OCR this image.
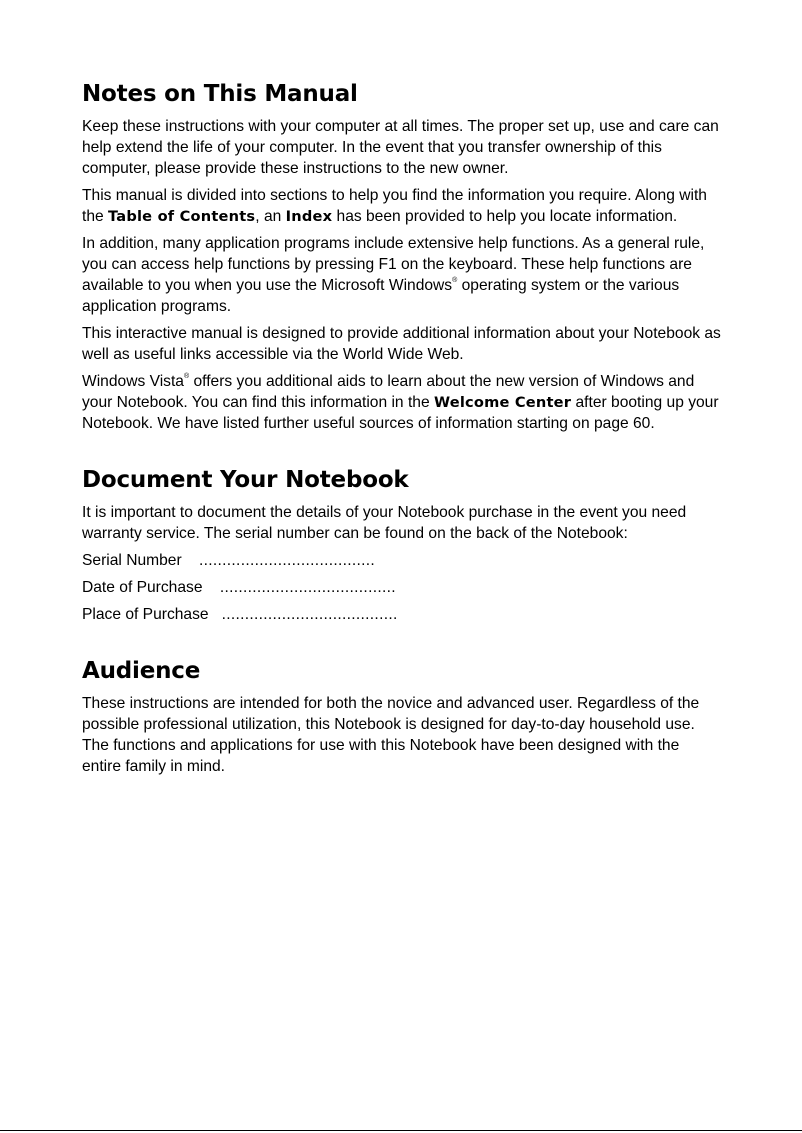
Notes on This Manual

Keep these instructions with your computer at all times. The proper set up, use and care can help extend the life of your computer. In the event that you transfer ownership of this computer, please provide these instructions to the new owner.

This manual is divided into sections to help you find the information you require. Along with the Table of Contents, an Index has been provided to help you locate information.

In addition, many application programs include extensive help functions. As a general rule, you can access help functions by pressing F1 on the keyboard. These help functions are available to you when you use the Microsoft Windows® operating system or the various application programs.

This interactive manual is designed to provide additional information about your Notebook as well as useful links accessible via the World Wide Web.

Windows Vista® offers you additional aids to learn about the new version of Windows and your Notebook. You can find this information in the Welcome Center after booting up your Notebook. We have listed further useful sources of information starting on page 60.

Document Your Notebook

It is important to document the details of your Notebook purchase in the event you need warranty service. The serial number can be found on the back of the Notebook:

Serial Number    ......................................
Date of Purchase    ......................................
Place of Purchase   ......................................
Audience

These instructions are intended for both the novice and advanced user. Regardless of the possible professional utilization, this Notebook is designed for day-to-day household use. The functions and applications for use with this Notebook have been designed with the entire family in mind.
